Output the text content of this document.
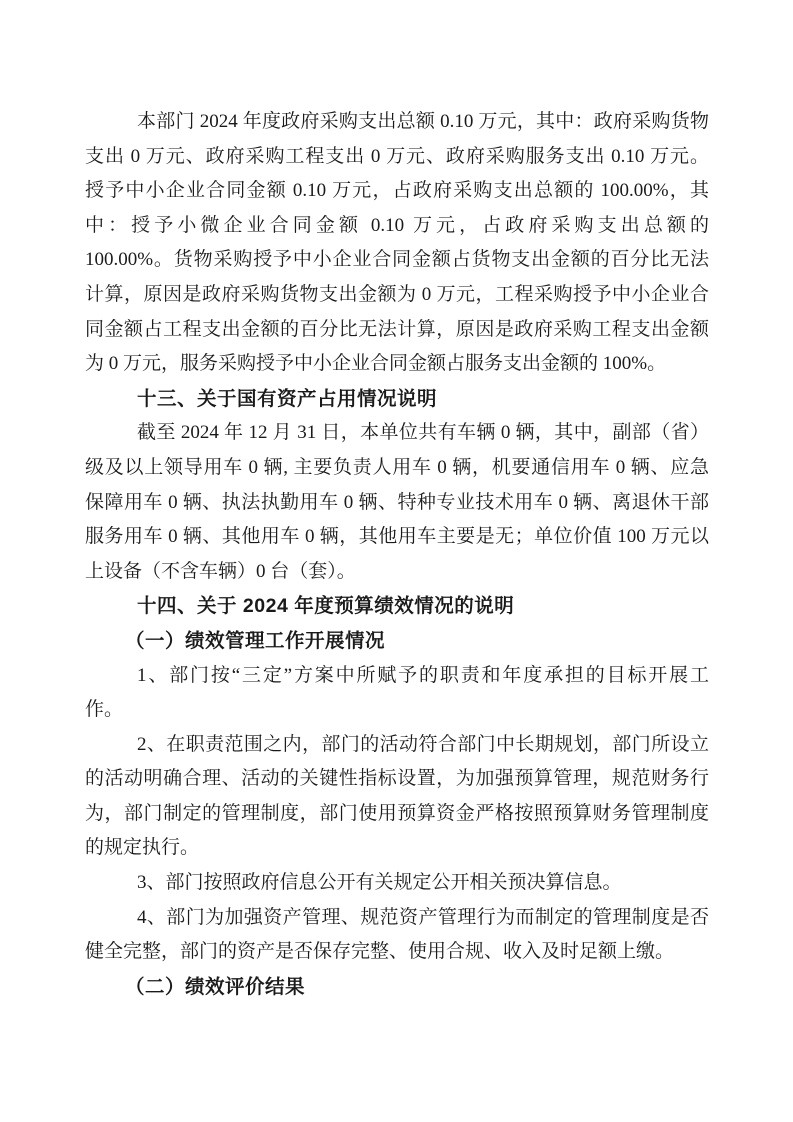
本部门 2024 年度政府采购支出总额 0.10 万元，其中：政府采购货物
支出 0 万元、政府采购工程支出 0 万元、政府采购服务支出 0.10 万元。
授予中小企业合同金额 0.10 万元，占政府采购支出总额的 100.00%，其
中：授予小微企业合同金额 0.10 万元，占政府采购支出总额的
100.00%。货物采购授予中小企业合同金额占货物支出金额的百分比无法
计算，原因是政府采购货物支出金额为 0 万元，工程采购授予中小企业合
同金额占工程支出金额的百分比无法计算，原因是政府采购工程支出金额
为 0 万元，服务采购授予中小企业合同金额占服务支出金额的 100%。
十三、关于国有资产占用情况说明
截至 2024 年 12 月 31 日，本单位共有车辆 0 辆，其中，副部（省）
级及以上领导用车 0 辆, 主要负责人用车 0 辆，机要通信用车 0 辆、应急
保障用车 0 辆、执法执勤用车 0 辆、特种专业技术用车 0 辆、离退休干部
服务用车 0 辆、其他用车 0 辆，其他用车主要是无；单位价值 100 万元以
上设备（不含车辆）0 台（套）。
十四、关于 2024 年度预算绩效情况的说明
（一）绩效管理工作开展情况
1、部门按“三定”方案中所赋予的职责和年度承担的目标开展工
作。
2、在职责范围之内，部门的活动符合部门中长期规划，部门所设立
的活动明确合理、活动的关键性指标设置，为加强预算管理，规范财务行
为，部门制定的管理制度，部门使用预算资金严格按照预算财务管理制度
的规定执行。
3、部门按照政府信息公开有关规定公开相关预决算信息。
4、部门为加强资产管理、规范资产管理行为而制定的管理制度是否
健全完整，部门的资产是否保存完整、使用合规、收入及时足额上缴。
（二）绩效评价结果
